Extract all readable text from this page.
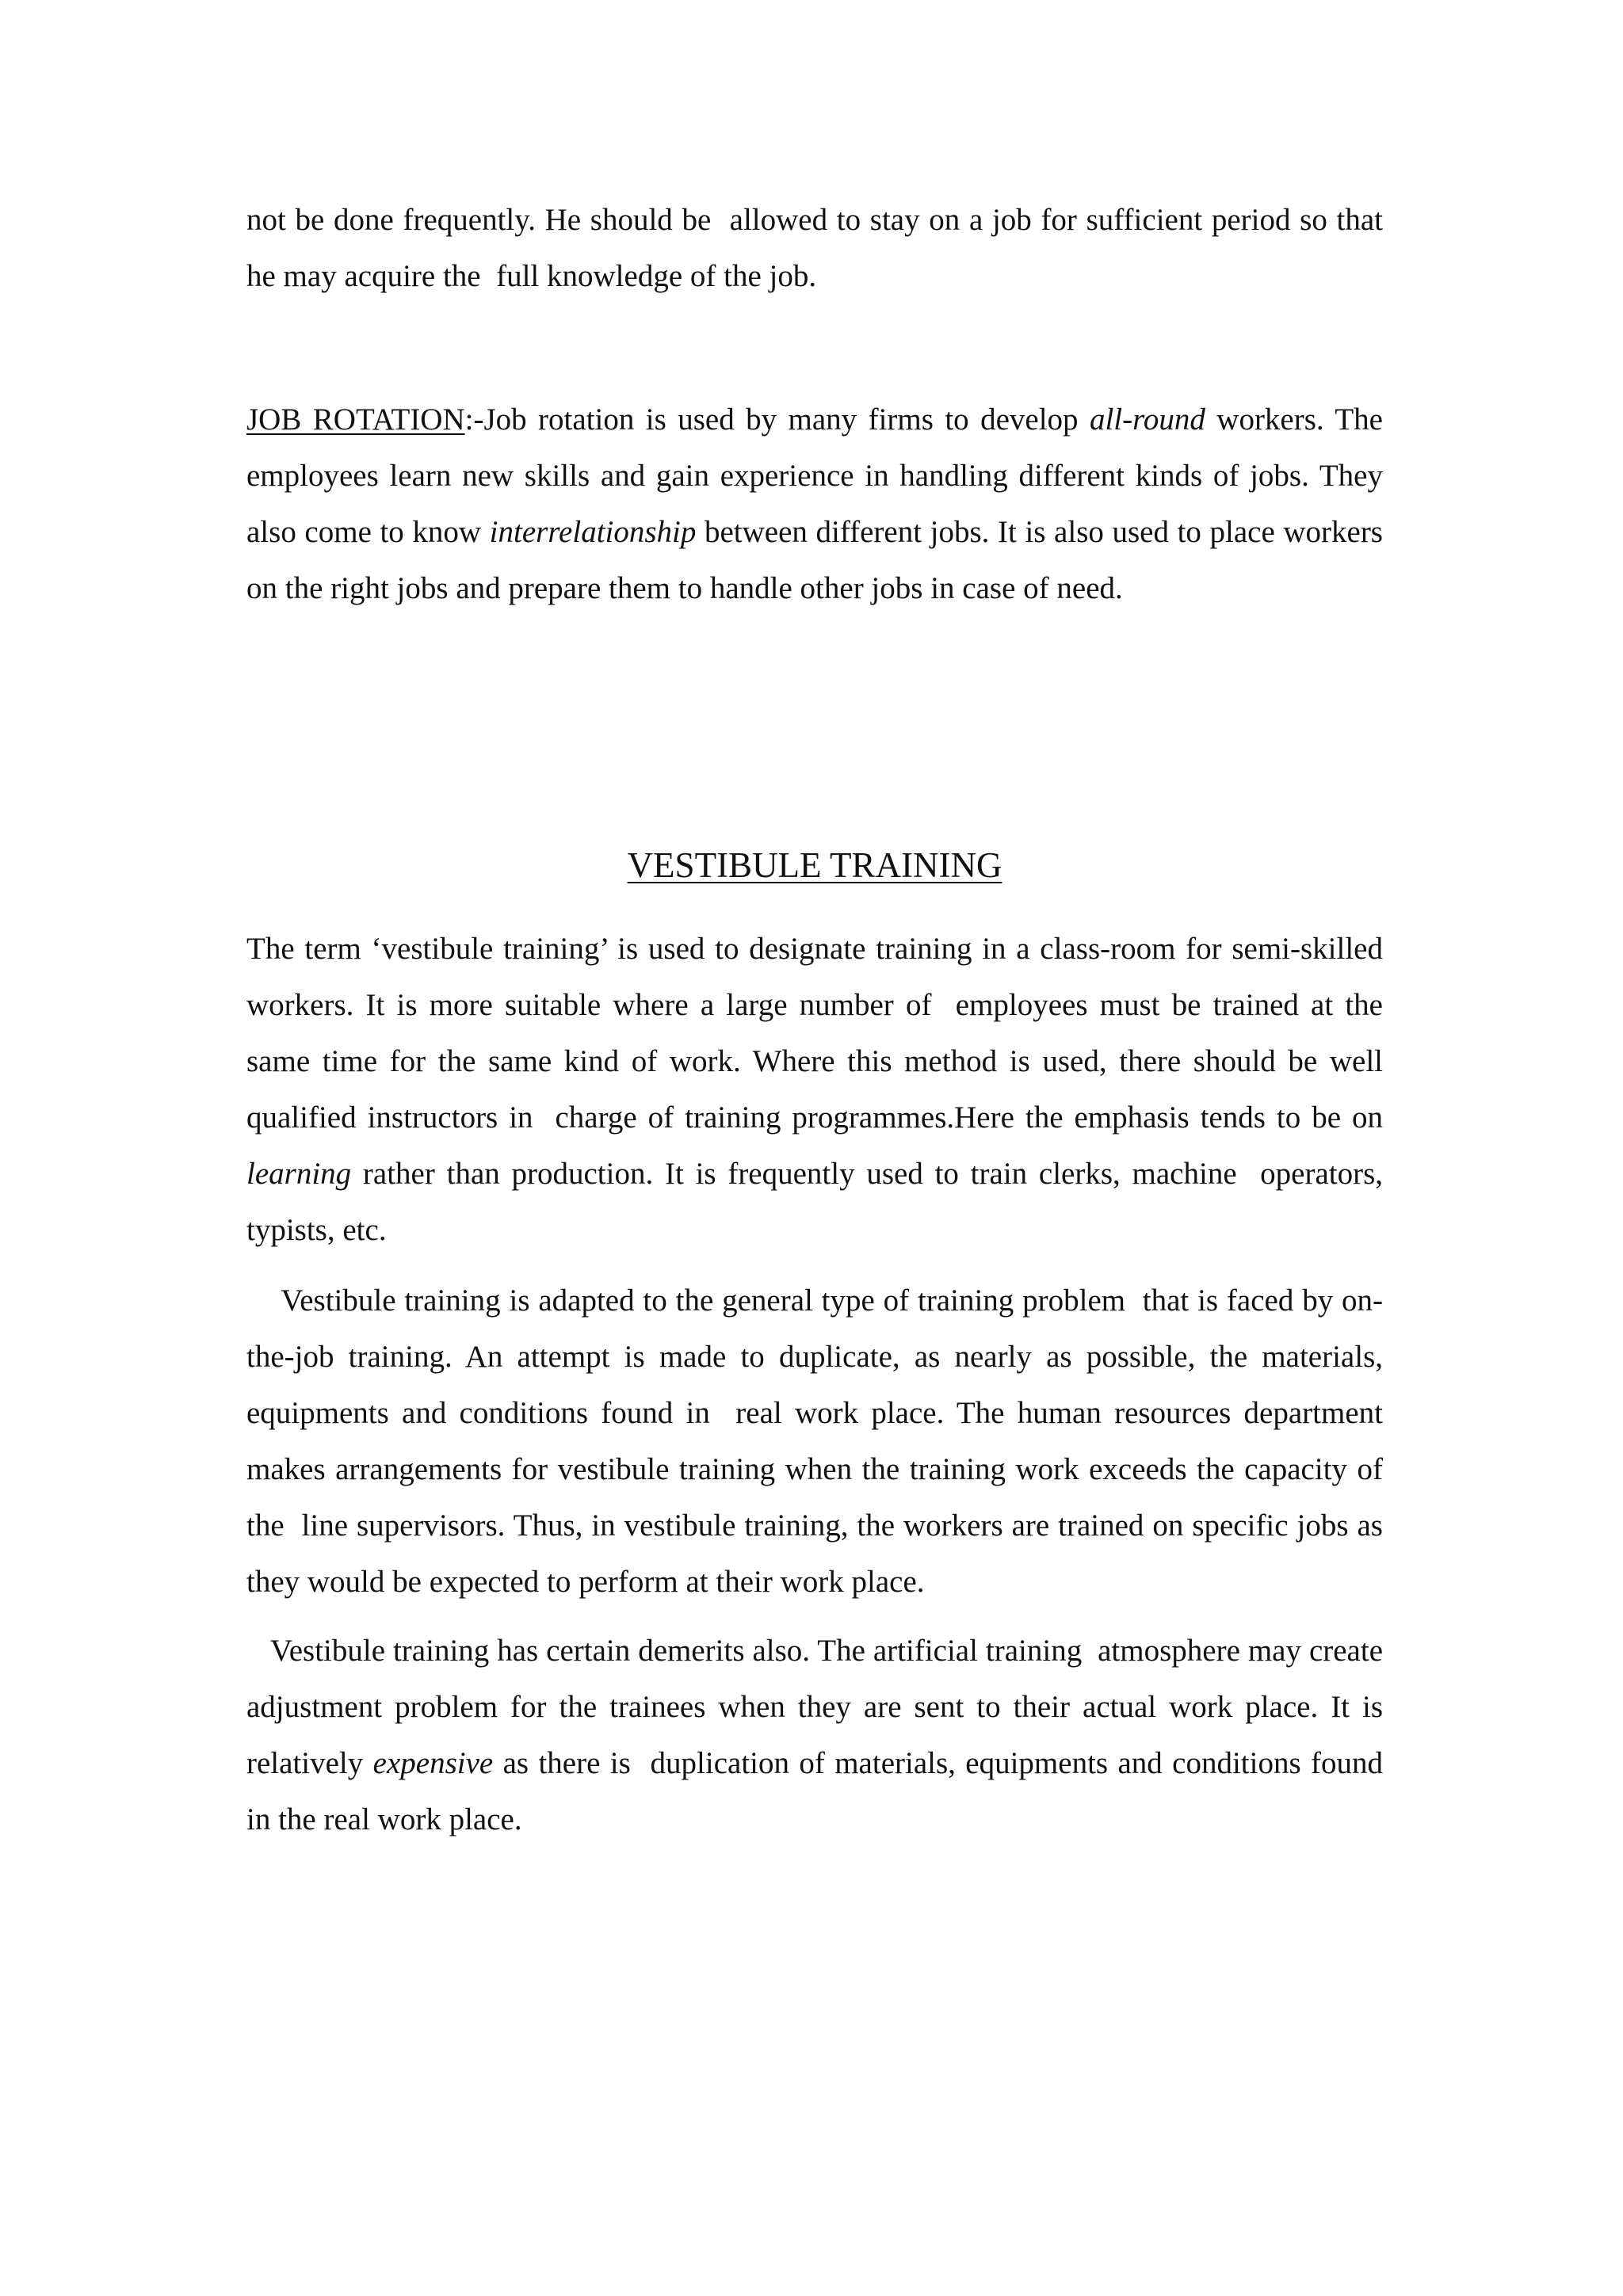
not be done frequently. He should be  allowed to stay on a job for sufficient period so that he may acquire the  full knowledge of the job.

JOB ROTATION:-Job rotation is used by many firms to develop all-round workers. The employees learn new skills and gain experience in handling different kinds of jobs. They also come to know interrelationship between different jobs. It is also used to place workers on the right jobs and prepare them to handle other jobs in case of need.

VESTIBULE TRAINING

The term ‘vestibule training’ is used to designate training in a class-room for semi-skilled workers. It is more suitable where a large number of  employees must be trained at the same time for the same kind of work. Where this method is used, there should be well qualified instructors in  charge of training programmes.Here the emphasis tends to be on learning rather than production. It is frequently used to train clerks, machine  operators, typists, etc.

Vestibule training is adapted to the general type of training problem  that is faced by on-the-job training. An attempt is made to duplicate, as nearly as possible, the materials, equipments and conditions found in  real work place. The human resources department makes arrangements for vestibule training when the training work exceeds the capacity of the  line supervisors. Thus, in vestibule training, the workers are trained on specific jobs as they would be expected to perform at their work place.

Vestibule training has certain demerits also. The artificial training  atmosphere may create adjustment problem for the trainees when they are sent to their actual work place. It is relatively expensive as there is  duplication of materials, equipments and conditions found in the real work place.
